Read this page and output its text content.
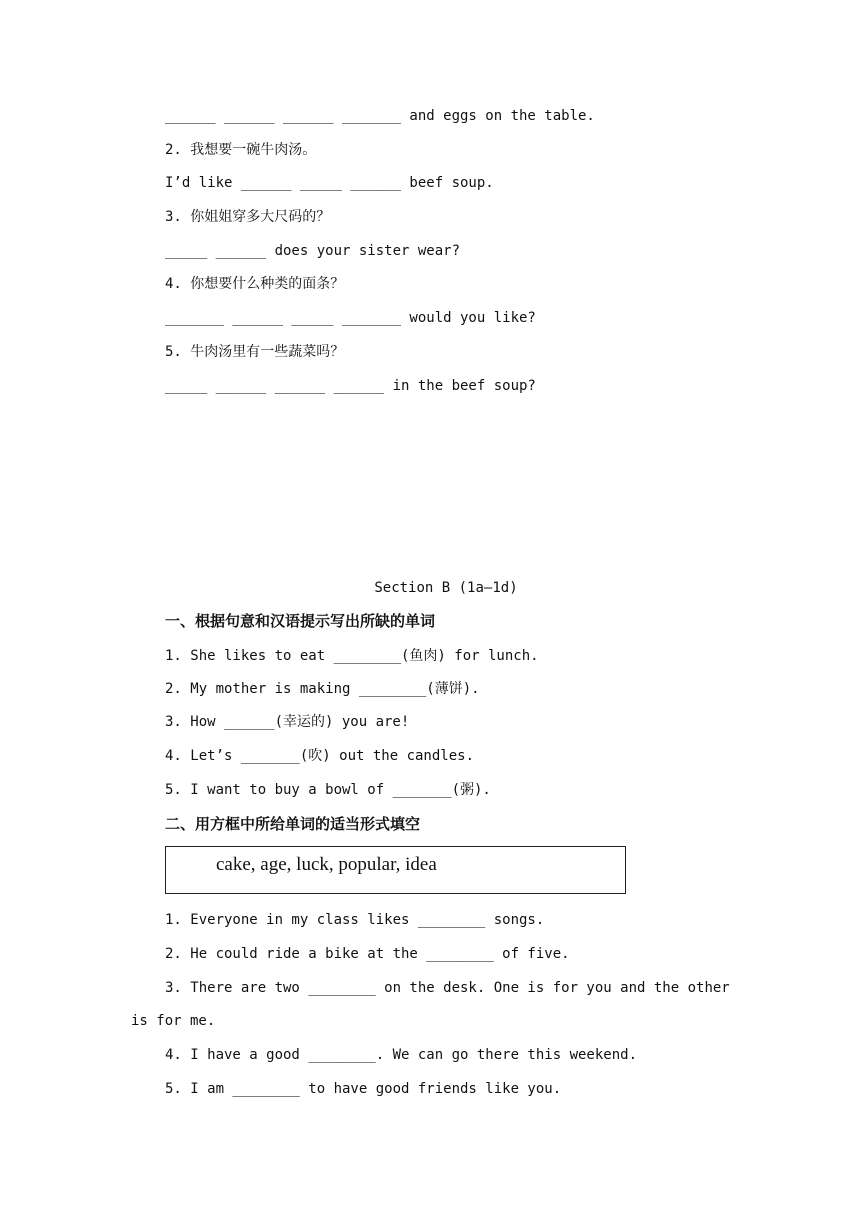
______ ______ ______ _______ and eggs on the table.
2. 我想要一碗牛肉汤。
I’d like ______ _____ ______ beef soup.
3. 你姐姐穿多大尺码的？
_____ ______ does your sister wear?
4. 你想要什么种类的面条？
_______ ______ _____ _______ would you like?
5. 牛肉汤里有一些蔬菜吗？
_____ ______ ______ ______ in the beef soup?
Section B (1a—1d)
一、根据句意和汉语提示写出所缺的单词
1. She likes to eat ________(鱼肉) for lunch.
2. My mother is making ________(薄饼).
3. How ______(幸运的) you are!
4. Let’s _______(吹) out the candles.
5. I want to buy a bowl of _______(粥).
二、用方框中所给单词的适当形式填空
cake, age, luck, popular, idea
1. Everyone in my class likes ________ songs.
2. He could ride a bike at the ________ of five.
3. There are two ________ on the desk. One is for you and the other
is for me.
4. I have a good ________. We can go there this weekend.
5. I am ________ to have good friends like you.
